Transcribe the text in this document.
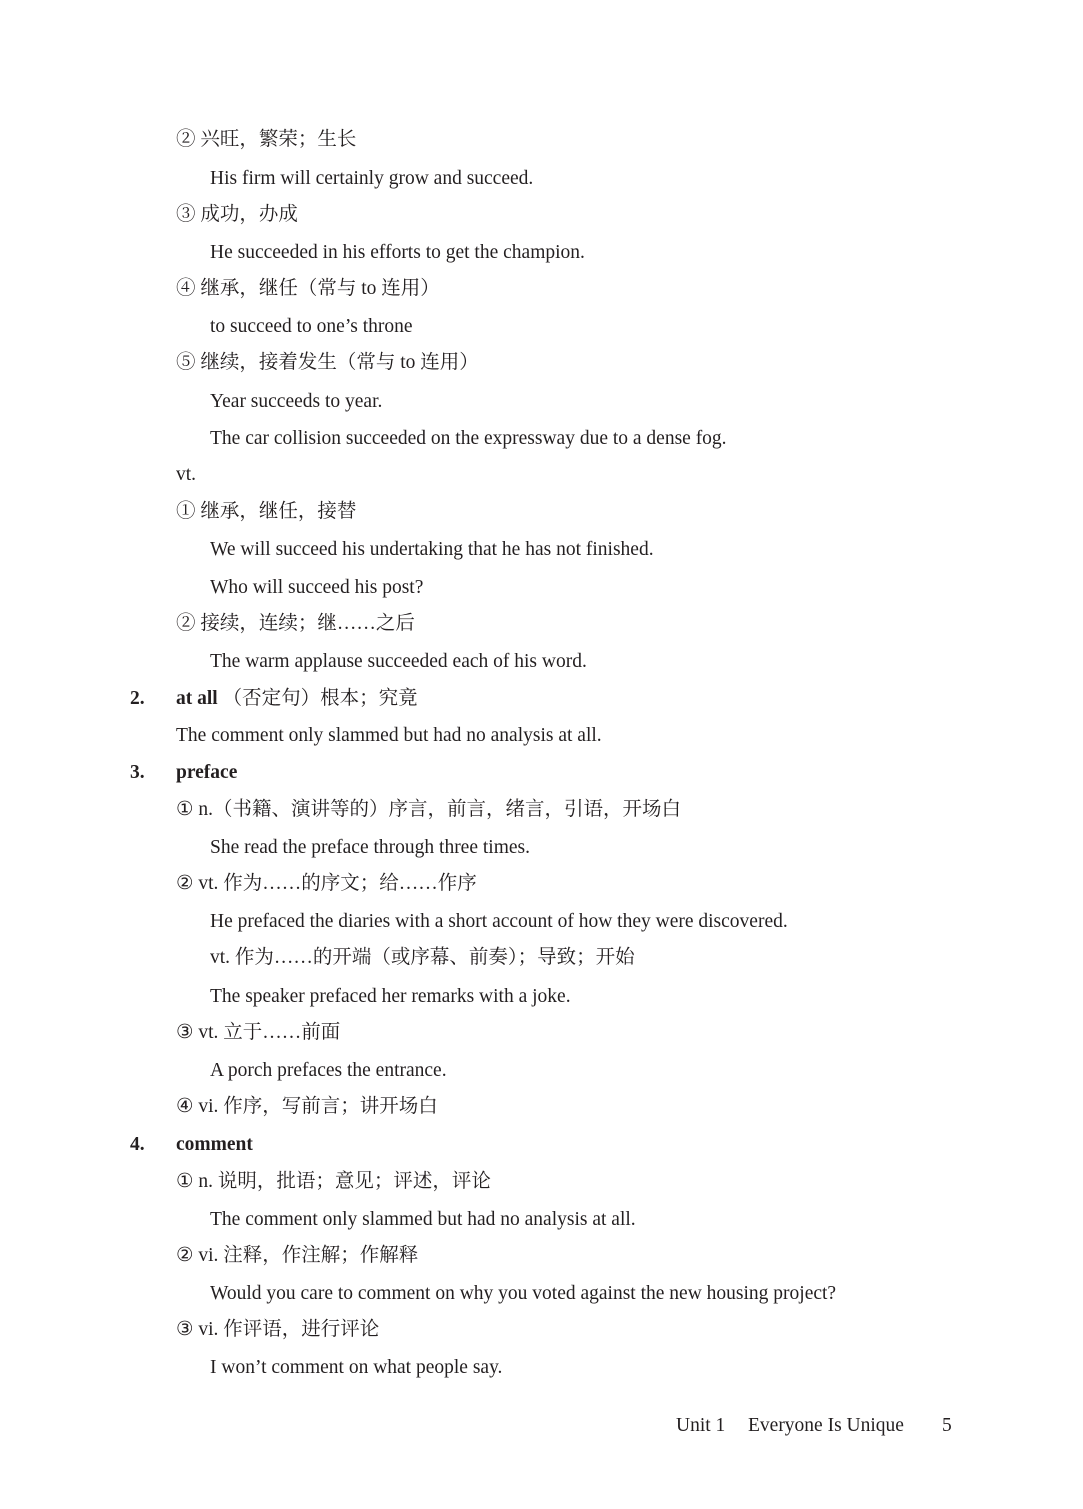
② 兴旺，繁荣；生长
His firm will certainly grow and succeed.
③ 成功，办成
He succeeded in his efforts to get the champion.
④ 继承，继任（常与 to 连用）
to succeed to one’s throne
⑤ 继续，接着发生（常与 to 连用）
Year succeeds to year.
The car collision succeeded on the expressway due to a dense fog.
vt.
① 继承，继任，接替
We will succeed his undertaking that he has not finished.
Who will succeed his post?
② 接续，连续；继……之后
The warm applause succeeded each of his word.
2. at all （否定句）根本；究竟
The comment only slammed but had no analysis at all.
3. preface
① n.（书籍、演讲等的）序言，前言，绪言，引语，开场白
She read the preface through three times.
② vt. 作为……的序文；给……作序
He prefaced the diaries with a short account of how they were discovered.
vt. 作为……的开端（或序幕、前奏）；导致；开始
The speaker prefaced her remarks with a joke.
③ vt. 立于……前面
A porch prefaces the entrance.
④ vi. 作序，写前言；讲开场白
4. comment
① n. 说明，批语；意见；评述，评论
The comment only slammed but had no analysis at all.
② vi. 注释，作注解；作解释
Would you care to comment on why you voted against the new housing project?
③ vi. 作评语，进行评论
I won’t comment on what people say.
Unit 1 Everyone Is Unique 5
